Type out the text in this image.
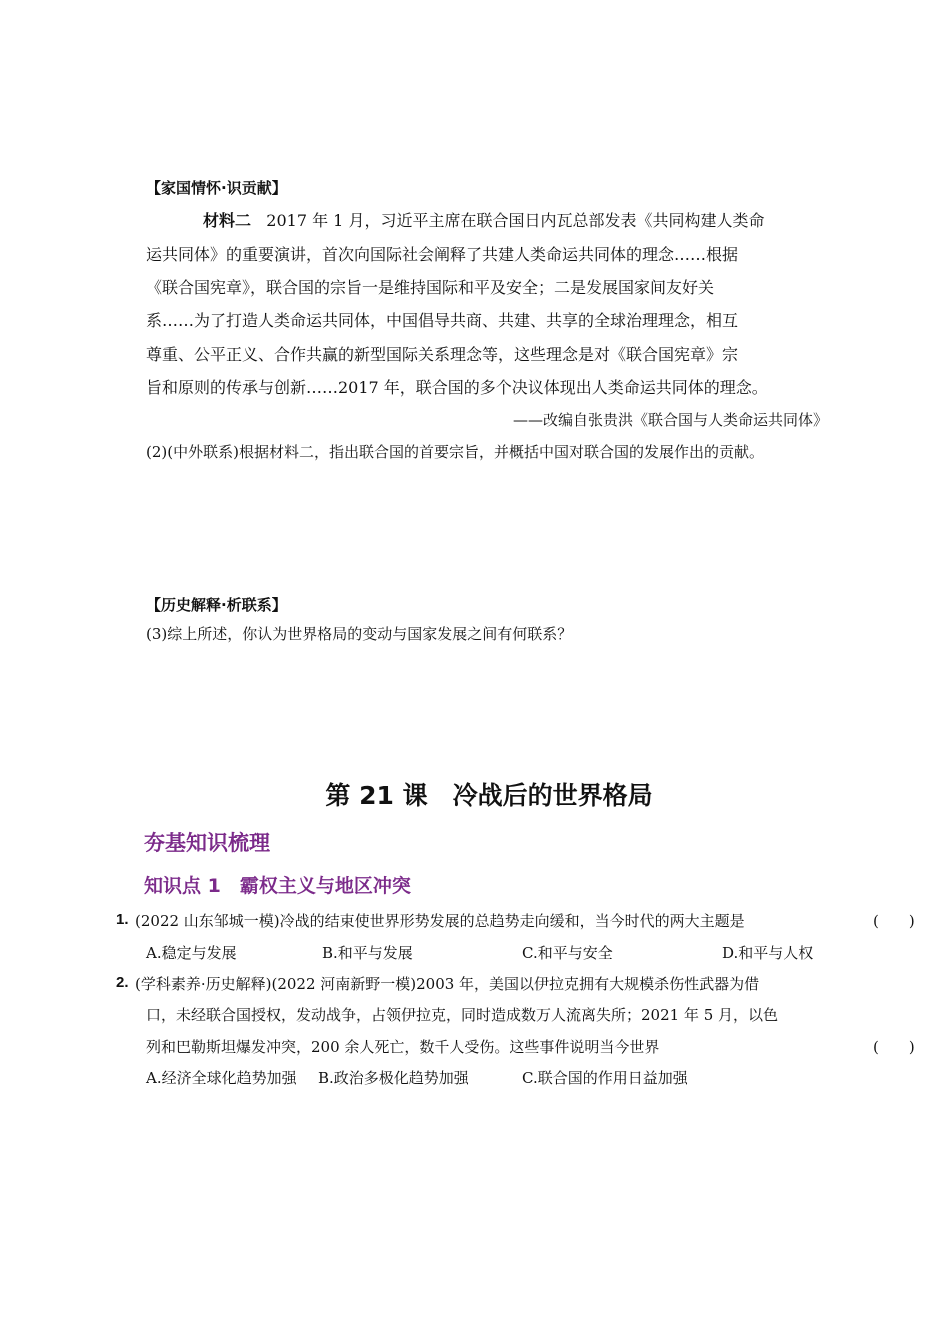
【家国情怀·识贡献】
材料二 2017 年 1 月，习近平主席在联合国日内瓦总部发表《共同构建人类命
运共同体》的重要演讲，首次向国际社会阐释了共建人类命运共同体的理念……根据
《联合国宪章》，联合国的宗旨一是维持国际和平及安全；二是发展国家间友好关
系……为了打造人类命运共同体，中国倡导共商、共建、共享的全球治理理念，相互
尊重、公平正义、合作共赢的新型国际关系理念等，这些理念是对《联合国宪章》宗
旨和原则的传承与创新……2017 年，联合国的多个决议体现出人类命运共同体的理念。
——改编自张贵洪《联合国与人类命运共同体》
(2)(中外联系)根据材料二，指出联合国的首要宗旨，并概括中国对联合国的发展作出的贡献。
【历史解释·析联系】
(3)综上所述，你认为世界格局的变动与国家发展之间有何联系？
第 21 课　冷战后的世界格局
夯基知识梳理
知识点 1　霸权主义与地区冲突
1. (2022 山东邹城一模)冷战的结束使世界形势发展的总趋势走向缓和，当今时代的两大主题是	(　　)
A.稳定与发展	B.和平与发展	C.和平与安全	D.和平与人权
2. (学科素养·历史解释)(2022 河南新野一模)2003 年，美国以伊拉克拥有大规模杀伤性武器为借
口，未经联合国授权，发动战争，占领伊拉克，同时造成数万人流离失所；2021 年 5 月，以色
列和巴勒斯坦爆发冲突，200 余人死亡，数千人受伤。这些事件说明当今世界	(　　)
A.经济全球化趋势加强 B.政治多极化趋势加强	C.联合国的作用日益加强
